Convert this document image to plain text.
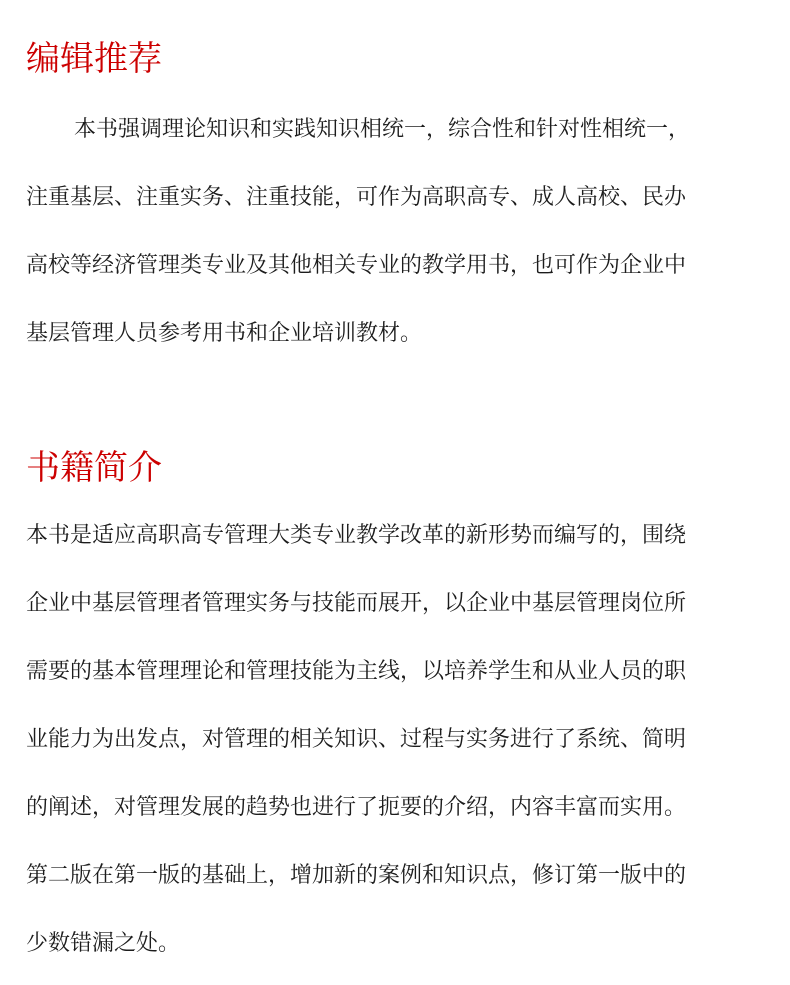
编辑推荐

本书强调理论知识和实践知识相统一，综合性和针对性相统一，

注重基层、注重实务、注重技能，可作为高职高专、成人高校、民办

高校等经济管理类专业及其他相关专业的教学用书，也可作为企业中

基层管理人员参考用书和企业培训教材。

书籍简介

本书是适应高职高专管理大类专业教学改革的新形势而编写的，围绕

企业中基层管理者管理实务与技能而展开，以企业中基层管理岗位所

需要的基本管理理论和管理技能为主线，以培养学生和从业人员的职

业能力为出发点，对管理的相关知识、过程与实务进行了系统、简明

的阐述，对管理发展的趋势也进行了扼要的介绍，内容丰富而实用。

第二版在第一版的基础上，增加新的案例和知识点，修订第一版中的

少数错漏之处。
